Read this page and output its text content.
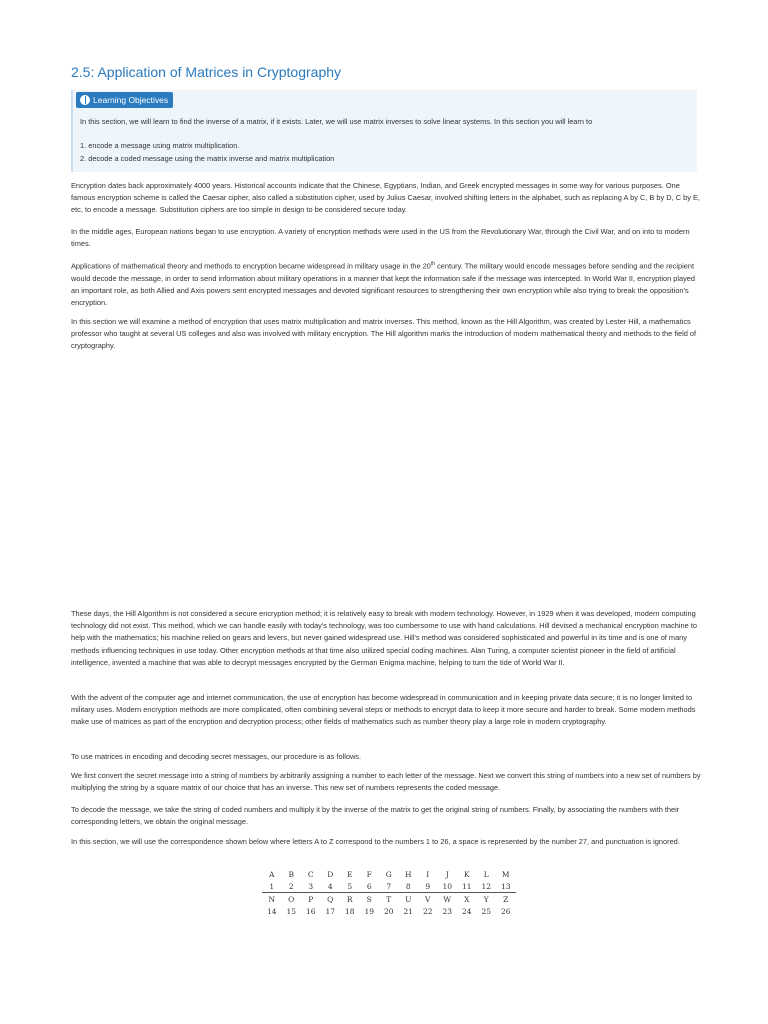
2.5: Application of Matrices in Cryptography
Learning Objectives
In this section, we will learn to find the inverse of a matrix, if it exists. Later, we will use matrix inverses to solve linear systems. In this section you will learn to
1. encode a message using matrix multiplication.
2. decode a coded message using the matrix inverse and matrix multiplication

Encryption dates back approximately 4000 years. Historical accounts indicate that the Chinese, Egyptians, Indian, and Greek encrypted messages in some way for various purposes. One famous encryption scheme is called the Caesar cipher, also called a substitution cipher, used by Julius Caesar, involved shifting letters in the alphabet, such as replacing A by C, B by D, C by E, etc, to encode a message. Substitution ciphers are too simple in design to be considered secure today.

In the middle ages, European nations began to use encryption. A variety of encryption methods were used in the US from the Revolutionary War, through the Civil War, and on into to modern times.

Applications of mathematical theory and methods to encryption became widespread in military usage in the 20th century. The military would encode messages before sending and the recipient would decode the message, in order to send information about military operations in a manner that kept the information safe if the message was intercepted. In World War II, encryption played an important role, as both Allied and Axis powers sent encrypted messages and devoted significant resources to strengthening their own encryption while also trying to break the opposition's encryption.

In this section we will examine a method of encryption that uses matrix multiplication and matrix inverses. This method, known as the Hill Algorithm, was created by Lester Hill, a mathematics professor who taught at several US colleges and also was involved with military encryption. The Hill algorithm marks the introduction of modern mathematical theory and methods to the field of cryptography.

These days, the Hill Algorithm is not considered a secure encryption method; it is relatively easy to break with modern technology. However, in 1929 when it was developed, modern computing technology did not exist. This method, which we can handle easily with today's technology, was too cumbersome to use with hand calculations. Hill devised a mechanical encryption machine to help with the mathematics; his machine relied on gears and levers, but never gained widespread use. Hill's method was considered sophisticated and powerful in its time and is one of many methods influencing techniques in use today. Other encryption methods at that time also utilized special coding machines. Alan Turing, a computer scientist pioneer in the field of artificial intelligence, invented a machine that was able to decrypt messages encrypted by the German Enigma machine, helping to turn the tide of World War II.

With the advent of the computer age and internet communication, the use of encryption has become widespread in communication and in keeping private data secure; it is no longer limited to military uses. Modern encryption methods are more complicated, often combining several steps or methods to encrypt data to keep it more secure and harder to break. Some modern methods make use of matrices as part of the encryption and decryption process; other fields of mathematics such as number theory play a large role in modern cryptography.

To use matrices in encoding and decoding secret messages, our procedure is as follows.

We first convert the secret message into a string of numbers by arbitrarily assigning a number to each letter of the message. Next we convert this string of numbers into a new set of numbers by multiplying the string by a square matrix of our choice that has an inverse. This new set of numbers represents the coded message.

To decode the message, we take the string of coded numbers and multiply it by the inverse of the matrix to get the original string of numbers. Finally, by associating the numbers with their corresponding letters, we obtain the original message.

In this section, we will use the correspondence shown below where letters A to Z correspond to the numbers 1 to 26, a space is represented by the number 27, and punctuation is ignored.

A	B	C	D	E	F	G	H	I	J	K	L	M
1	2	3	4	5	6	7	8	9	10	11	12	13
N	O	P	Q	R	S	T	U	V	W	X	Y	Z
14	15	16	17	18	19	20	21	22	23	24	25	26
